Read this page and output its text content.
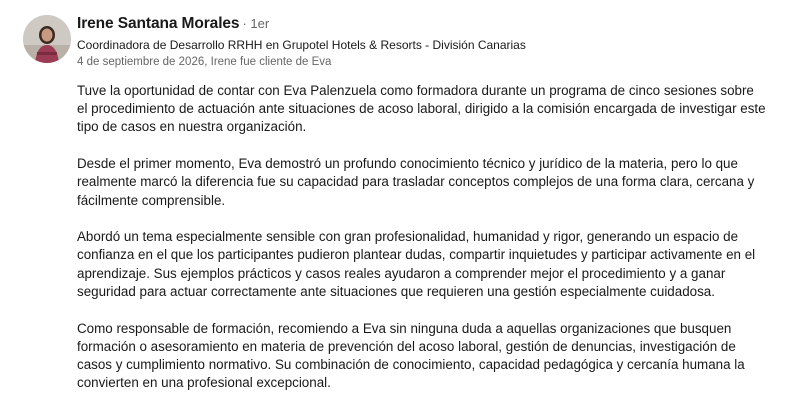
Irene Santana Morales · 1er
Coordinadora de Desarrollo RRHH en Grupotel Hotels & Resorts - División Canarias
4 de septiembre de 2026, Irene fue cliente de Eva

Tuve la oportunidad de contar con Eva Palenzuela como formadora durante un programa de cinco sesiones sobre el procedimiento de actuación ante situaciones de acoso laboral, dirigido a la comisión encargada de investigar este tipo de casos en nuestra organización.

Desde el primer momento, Eva demostró un profundo conocimiento técnico y jurídico de la materia, pero lo que realmente marcó la diferencia fue su capacidad para trasladar conceptos complejos de una forma clara, cercana y fácilmente comprensible.

Abordó un tema especialmente sensible con gran profesionalidad, humanidad y rigor, generando un espacio de confianza en el que los participantes pudieron plantear dudas, compartir inquietudes y participar activamente en el aprendizaje. Sus ejemplos prácticos y casos reales ayudaron a comprender mejor el procedimiento y a ganar seguridad para actuar correctamente ante situaciones que requieren una gestión especialmente cuidadosa.

Como responsable de formación, recomiendo a Eva sin ninguna duda a aquellas organizaciones que busquen formación o asesoramiento en materia de prevención del acoso laboral, gestión de denuncias, investigación de casos y cumplimiento normativo. Su combinación de conocimiento, capacidad pedagógica y cercanía humana la convierten en una profesional excepcional.
